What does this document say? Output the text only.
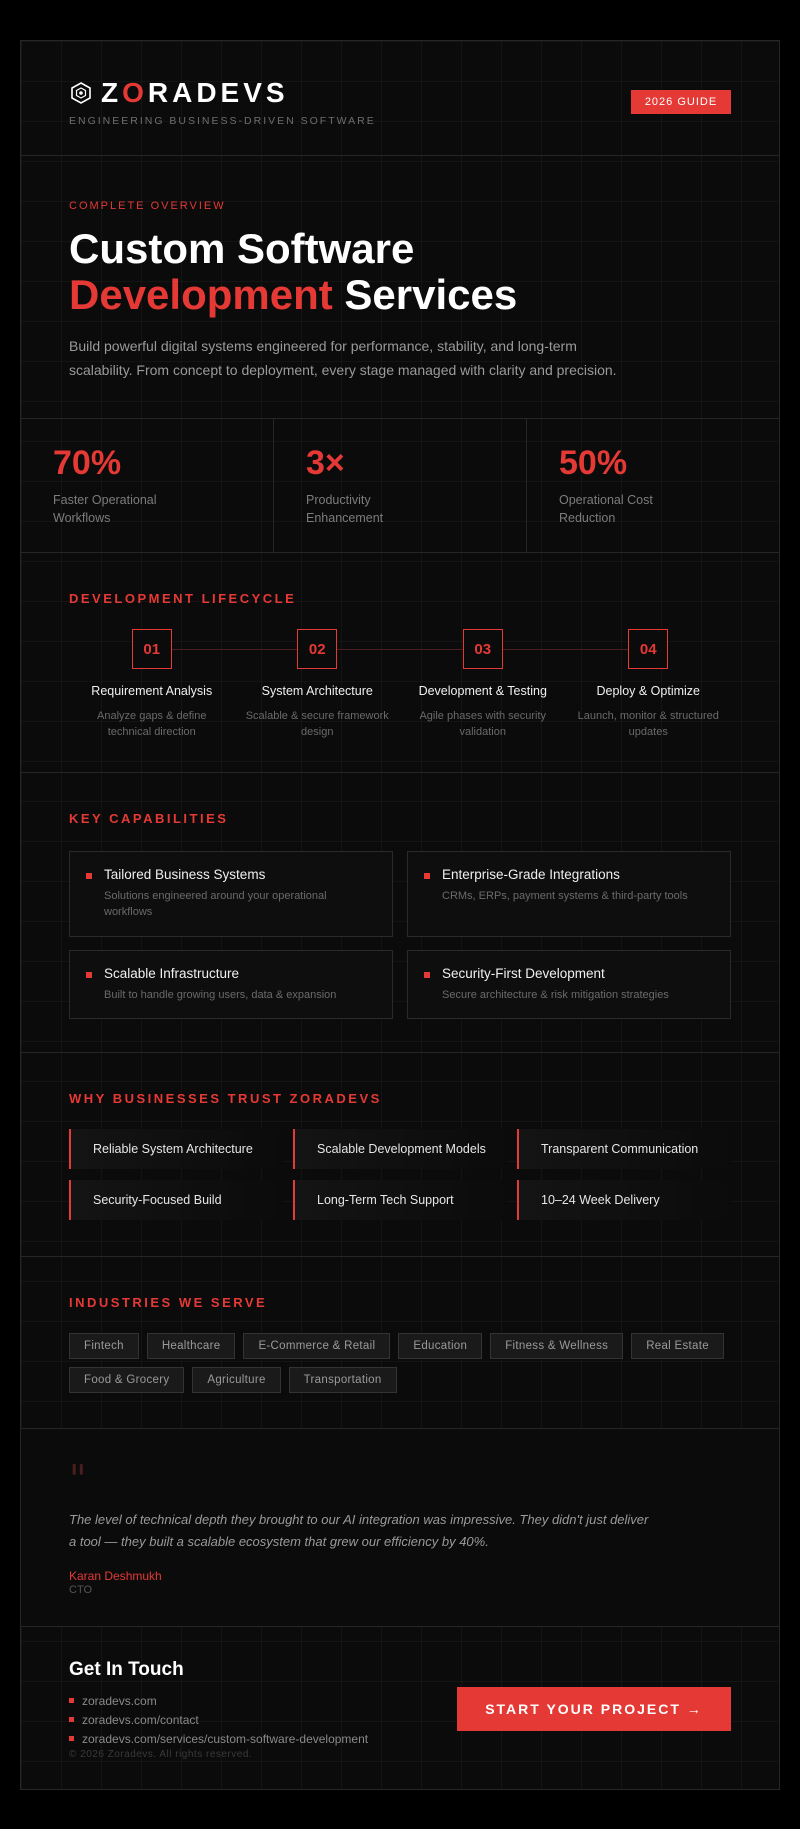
ZORADEVS
ENGINEERING BUSINESS-DRIVEN SOFTWARE
2026 GUIDE
COMPLETE OVERVIEW
Custom Software
Development Services

Build powerful digital systems engineered for performance, stability, and long-term scalability. From concept to deployment, every stage managed with clarity and precision.

70%
Faster Operational Workflows
3×
Productivity Enhancement
50%
Operational Cost Reduction
DEVELOPMENT LIFECYCLE
01
Requirement Analysis
Analyze gaps & define technical direction
02
System Architecture
Scalable & secure framework design
03
Development & Testing
Agile phases with security validation
04
Deploy & Optimize
Launch, monitor & structured updates
KEY CAPABILITIES
Tailored Business Systems
Solutions engineered around your operational workflows
Enterprise-Grade Integrations
CRMs, ERPs, payment systems & third-party tools
Scalable Infrastructure
Built to handle growing users, data & expansion
Security-First Development
Secure architecture & risk mitigation strategies
WHY BUSINESSES TRUST ZORADEVS
Reliable System Architecture	Scalable Development Models	Transparent Communication
Security-Focused Build	Long-Term Tech Support	10–24 Week Delivery
INDUSTRIES WE SERVE
Fintech	Healthcare	E-Commerce & Retail	Education	Fitness & Wellness	Real Estate
Food & Grocery	Agriculture	Transportation
"

The level of technical depth they brought to our AI integration was impressive. They didn't just deliver a tool — they built a scalable ecosystem that grew our efficiency by 40%.

Karan Deshmukh
CTO
Get In Touch
zoradevs.com
zoradevs.com/contact
zoradevs.com/services/custom-software-development
© 2026 Zoradevs. All rights reserved.
START YOUR PROJECT →
